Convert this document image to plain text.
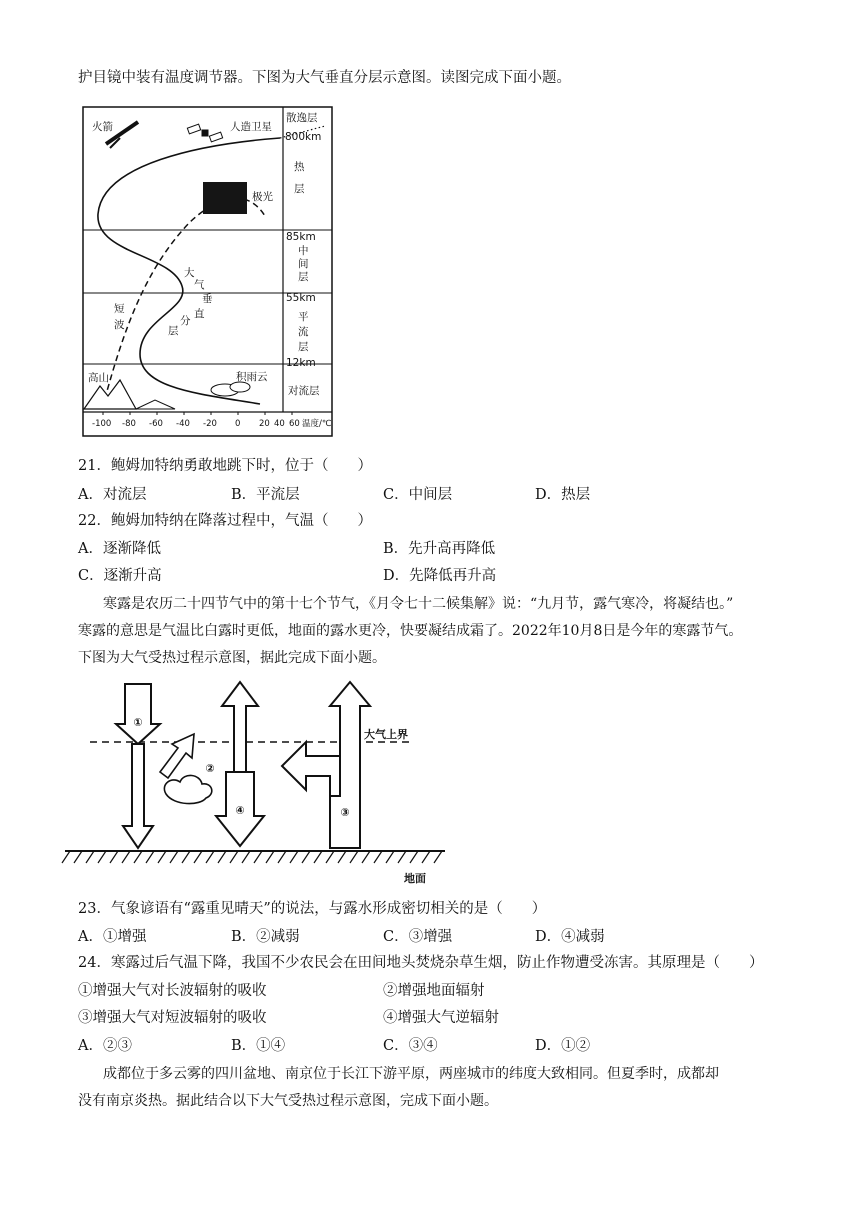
护目镜中装有温度调节器。下图为大气垂直分层示意图。读图完成下面小题。
火箭	人造卫星
散逸层
800km
热
层
极光
85km
中
间
层
55km
平
流
层
12km
对流层
高山	积雨云
大
气
垂
直
分
层
短
波
-100 -80 -60 -40 -20 0 20 40 60 温度/℃
21．鲍姆加特纳勇敢地跳下时，位于（　　）
A．对流层	B．平流层	C．中间层	D．热层
22．鲍姆加特纳在降落过程中，气温（　　）
A．逐渐降低	B．先升高再降低
C．逐渐升高	D．先降低再升高
寒露是农历二十四节气中的第十七个节气，《月令七十二候集解》说：“九月节，露气寒冷，将凝结也。”
寒露的意思是气温比白露时更低，地面的露水更冷，快要凝结成霜了。2022年10月8日是今年的寒露节气。
下图为大气受热过程示意图，据此完成下面小题。
①
②
④	③
大气上界
地面
23．气象谚语有“露重见晴天”的说法，与露水形成密切相关的是（　　）
A．①增强	B．②减弱	C．③增强	D．④减弱
24．寒露过后气温下降，我国不少农民会在田间地头焚烧杂草生烟，防止作物遭受冻害。其原理是（　　）
①增强大气对长波辐射的吸收	②增强地面辐射
③增强大气对短波辐射的吸收	④增强大气逆辐射
A．②③	B．①④	C．③④	D．①②
成都位于多云雾的四川盆地、南京位于长江下游平原，两座城市的纬度大致相同。但夏季时，成都却
没有南京炎热。据此结合以下大气受热过程示意图，完成下面小题。
